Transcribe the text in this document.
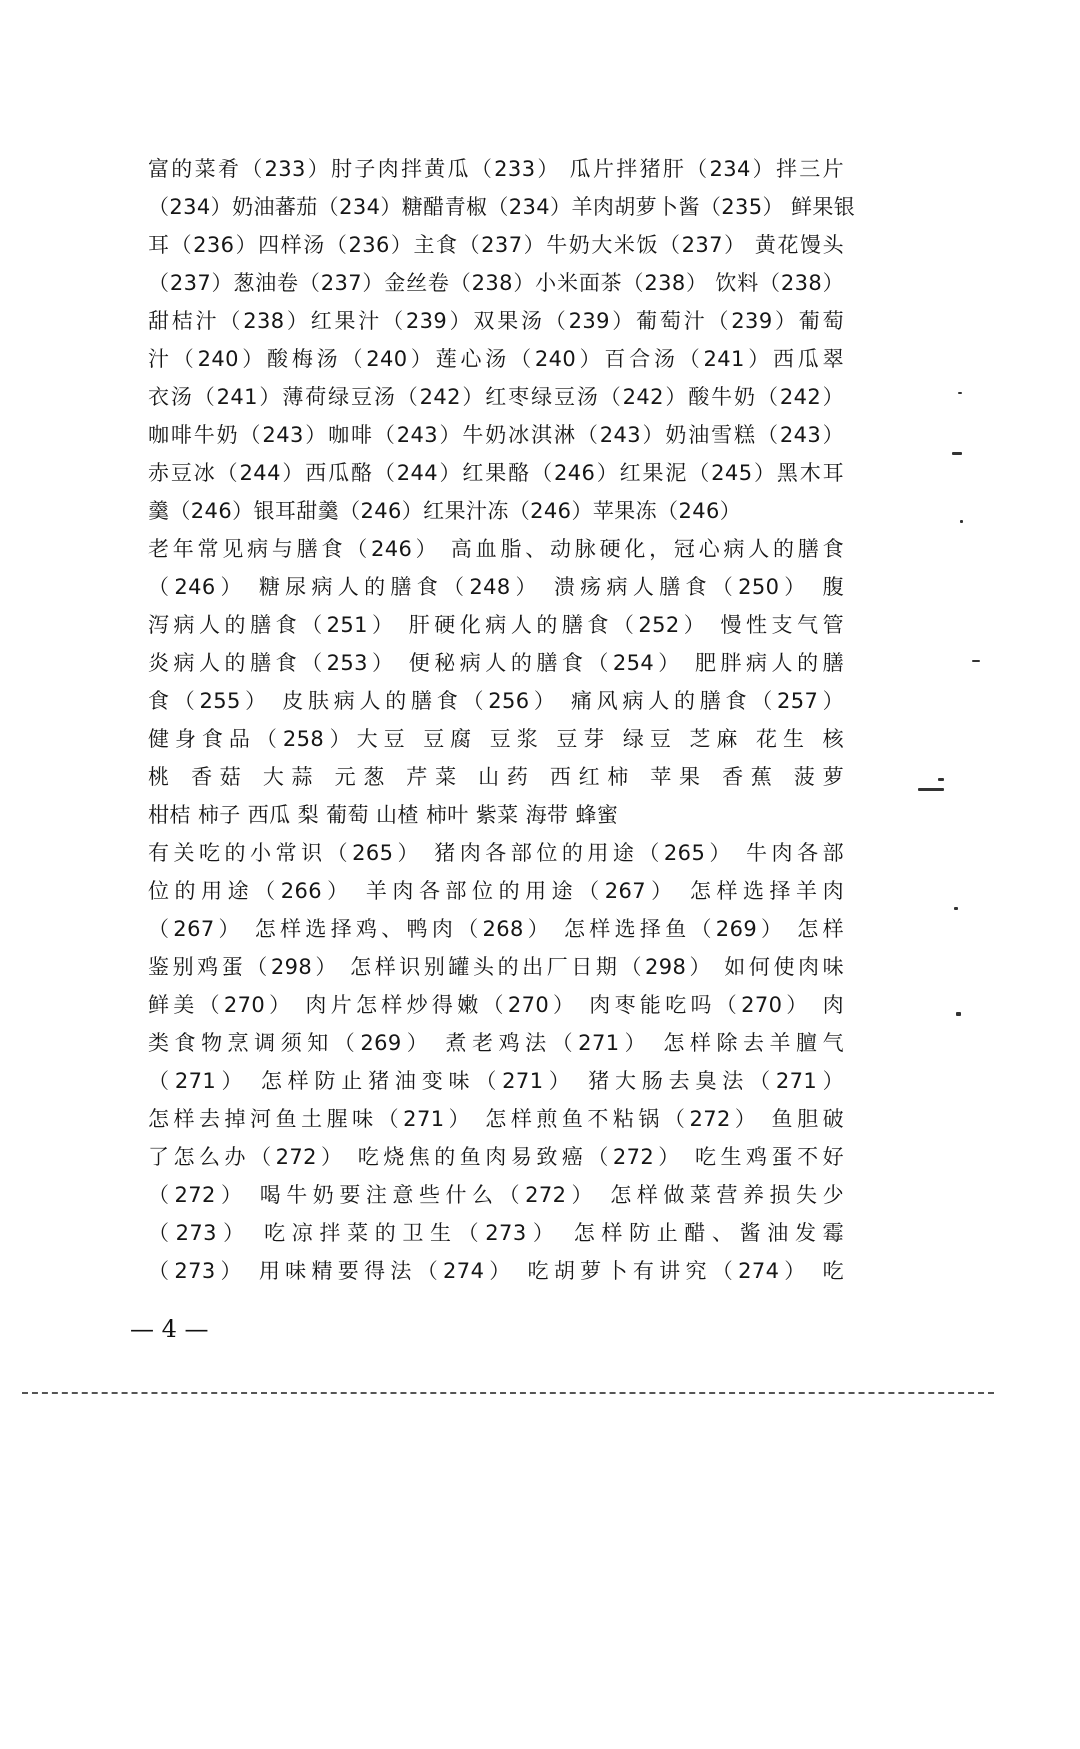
富的菜肴（233）肘子肉拌黄瓜（233） 瓜片拌猪肝（234）拌三片
（234）奶油蕃茄（234）糖醋青椒（234）羊肉胡萝卜酱（235） 鲜果银
耳（236）四样汤（236）主食（237）牛奶大米饭（237） 黄花馒头
（237）葱油卷（237）金丝卷（238）小米面茶（238） 饮料（238）
甜桔汁（238）红果汁（239）双果汤（239）葡萄汁（239）葡萄
汁（240）酸梅汤（240）莲心汤（240）百合汤（241）西瓜翠
衣汤（241）薄荷绿豆汤（242）红枣绿豆汤（242）酸牛奶（242）
咖啡牛奶（243）咖啡（243）牛奶冰淇淋（243）奶油雪糕（243）
赤豆冰（244）西瓜酪（244）红果酪（246）红果泥（245）黑木耳
羹（246）银耳甜羹（246）红果汁冻（246）苹果冻（246）
老年常见病与膳食（246） 高血脂、动脉硬化，冠心病人的膳食
（246） 糖尿病人的膳食（248） 溃疡病人膳食（250） 腹
泻病人的膳食（251） 肝硬化病人的膳食（252） 慢性支气管
炎病人的膳食（253） 便秘病人的膳食（254） 肥胖病人的膳
食（255） 皮肤病人的膳食（256） 痛风病人的膳食（257）
健身食品（258）大豆 豆腐 豆浆 豆芽 绿豆 芝麻 花生 核
桃 香菇 大蒜 元葱 芹菜 山药 西红柿 苹果 香蕉 菠萝
柑桔 柿子 西瓜 梨 葡萄 山楂 柿叶 紫菜 海带 蜂蜜
有关吃的小常识（265） 猪肉各部位的用途（265） 牛肉各部
位的用途（266） 羊肉各部位的用途（267） 怎样选择羊肉
（267） 怎样选择鸡、鸭肉（268） 怎样选择鱼（269） 怎样
鉴别鸡蛋（298） 怎样识别罐头的出厂日期（298） 如何使肉味
鲜美（270） 肉片怎样炒得嫩（270） 肉枣能吃吗（270） 肉
类食物烹调须知（269） 煮老鸡法（271） 怎样除去羊膻气
（271） 怎样防止猪油变味（271） 猪大肠去臭法（271）
怎样去掉河鱼土腥味（271） 怎样煎鱼不粘锅（272） 鱼胆破
了怎么办（272） 吃烧焦的鱼肉易致癌（272） 吃生鸡蛋不好
（272） 喝牛奶要注意些什么（272） 怎样做菜营养损失少
（273） 吃凉拌菜的卫生（273） 怎样防止醋、酱油发霉
（273） 用味精要得法（274） 吃胡萝卜有讲究（274） 吃
— 4 —
